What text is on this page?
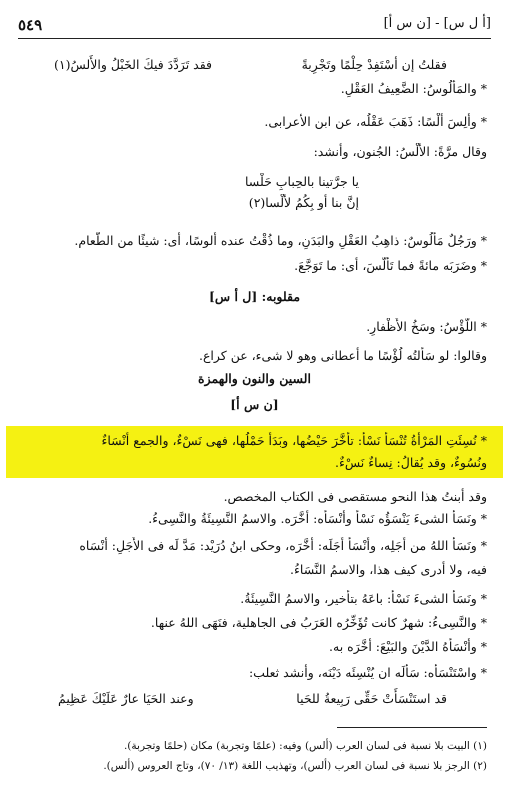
٥٤٩	[أ ل س] - [ن س أ]
فقلتُ إن أسْتَفِدْ حِلْمًا وتَجْرِبةً
فقد تَرَدَّدَ فيكَ الخَبْلُ والأَلسُ(١)
* والمَأْلُوسُ: الضَّعِيفُ العَقْلِ.
* وأَلِسَ أَلْسًا: ذَهَبَ عَقْلُه، عن ابن الأعرابى.
وقال مرَّةً: الأَلْسُ: الجُنون، وأنشد:
يا جرَّتينا بالحِبابِ حَلْسا
إنَّ بنا أو بِكُمُ لأَلْسا(٢)
* ورَجُلٌ مَأْلُوسٌ: ذاهِبُ العَقْلِ والبَدَنِ، وما ذُقْتُ عنده أَلوسًا، أى: شيئًا من الطَّعام.
* وضَرَبَه مائةً فما تَأَلَّسَ، أى: ما تَوَجَّعَ.
مقلوبه: [ل أ س]
* اللُّؤْسُ: وسَخُ الأَظْفارِ.
وقالوا: لو سَأَلتُه لُؤْسًا ما أعطانى وهو لا شىء، عن كراع.
السين والنون والهمزة
[ن س أ]
* نُسِئَتِ المَرْأَةُ تُنْسَأُ نَسْأً: تأخَّرَ حَيْضُها، وبَدَأَ حَمْلُها، فهى نَسْءٌ، والجمع أَنْسَاءٌ
ونُسُوءٌ، وقد يُقالُ: نِساءٌ نَسْءٌ.
وقد أبنتُ هذا النحو مستقصى فى الكتاب المخصص.
* ونَسَأَ الشىءَ يَنْسَؤُه نَسْأً وأَنْسَأَه: أخَّرَه. والاسمُ النَّسِيئَةُ والنَّسِىءُ.
* ونَسَأَ اللهُ من أَجَلِه، وأَنْسَأَ أَجَلَه: أخَّرَه، وحكى ابنُ دُرَيْد: مَدَّ لَه فى الأَجَلِ: أَنْسَاه
فيه، ولا أدرى كيف هذا، والاسمُ النَّسَاءُ.
* ونَسَأَ الشىءَ نَسْأً: باعَهُ بتأخير، والاسمُ النَّسِيئَةُ.
* والنَّسِىءُ: شهرٌ كانت تُؤَخِّرُه العَرَبُ فى الجاهلية، فنَهَى اللهُ عنها.
* وأَنْسَأَهُ الدَّيْنَ والبَيْعَ: أخَّرَه به.
* واسْتَنْسَأَه: سَأَلَه ان يُنْسِئَه دَيْنَه، وأنشد ثعلب:
قد استَنْسَأَتْ حَقِّى رَبِيعةُ للحَيا
وعند الحَيَا عارٌ عَلَيْكَ عَظِيمُ
(١) البيت بلا نسبة فى لسان العرب (ألس) وفيه: (علمًا وتجربة) مكان (حلمًا وتجربة).
(٢) الرجز بلا نسبة فى لسان العرب (ألس)، وتهذيب اللغة (١٣/ ٧٠)، وتاج العروس (ألس).
